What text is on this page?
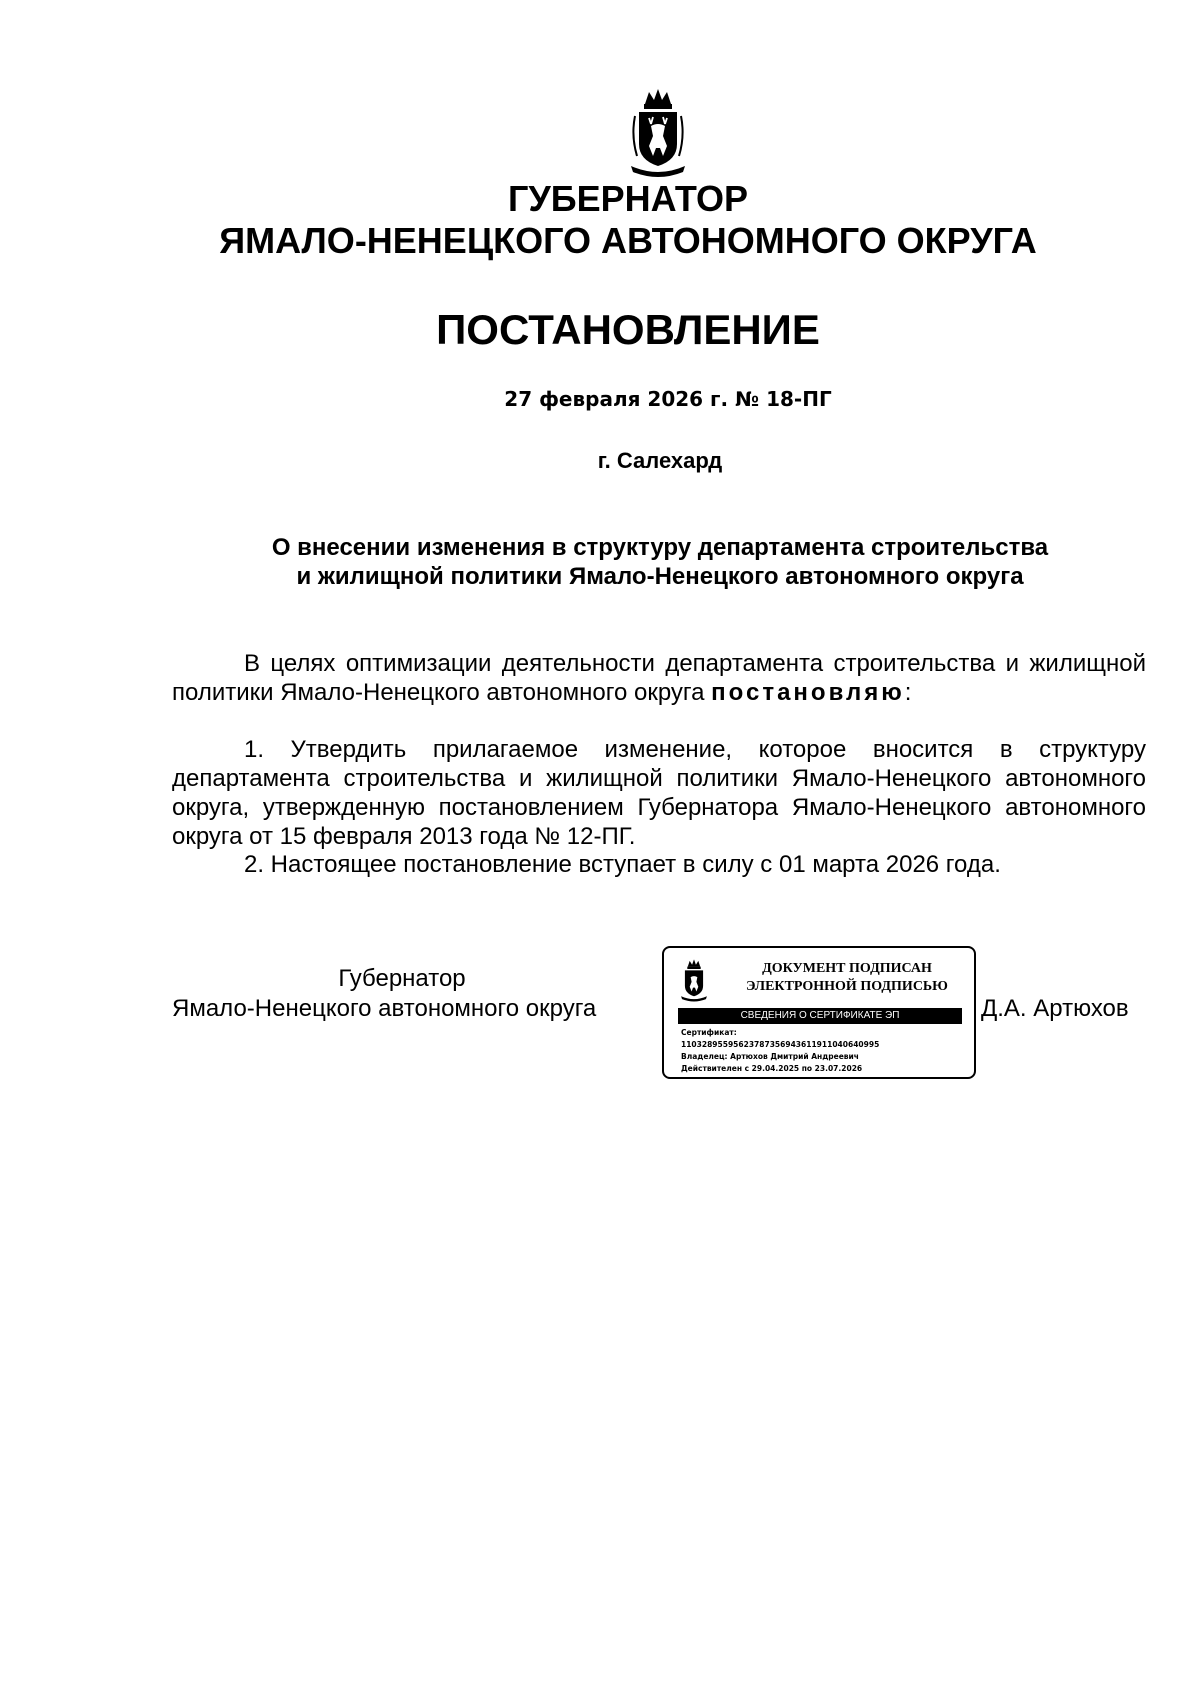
ГУБЕРНАТОР
ЯМАЛО-НЕНЕЦКОГО АВТОНОМНОГО ОКРУГА
ПОСТАНОВЛЕНИЕ
27 февраля 2026 г. № 18-ПГ
г. Салехард
О внесении изменения в структуру департамента строительства
и жилищной политики Ямало-Ненецкого автономного округа
В целях оптимизации деятельности департамента строительства и жилищной политики Ямало-Ненецкого автономного округа постановляю:
1. Утвердить прилагаемое изменение, которое вносится в структуру департамента строительства и жилищной политики Ямало-Ненецкого автономного округа, утвержденную постановлением Губернатора Ямало-Ненецкого автономного округа от 15 февраля 2013 года № 12-ПГ.
2. Настоящее постановление вступает в силу с 01 марта 2026 года.
Губернатор
Ямало-Ненецкого автономного округа
ДОКУМЕНТ ПОДПИСАН
ЭЛЕКТРОННОЙ ПОДПИСЬЮ
СВЕДЕНИЯ О СЕРТИФИКАТЕ ЭП
Сертификат:
11032895595623787356943611911040640995
Владелец: Артюхов Дмитрий Андреевич
Действителен с 29.04.2025 по 23.07.2026
Д.А. Артюхов
